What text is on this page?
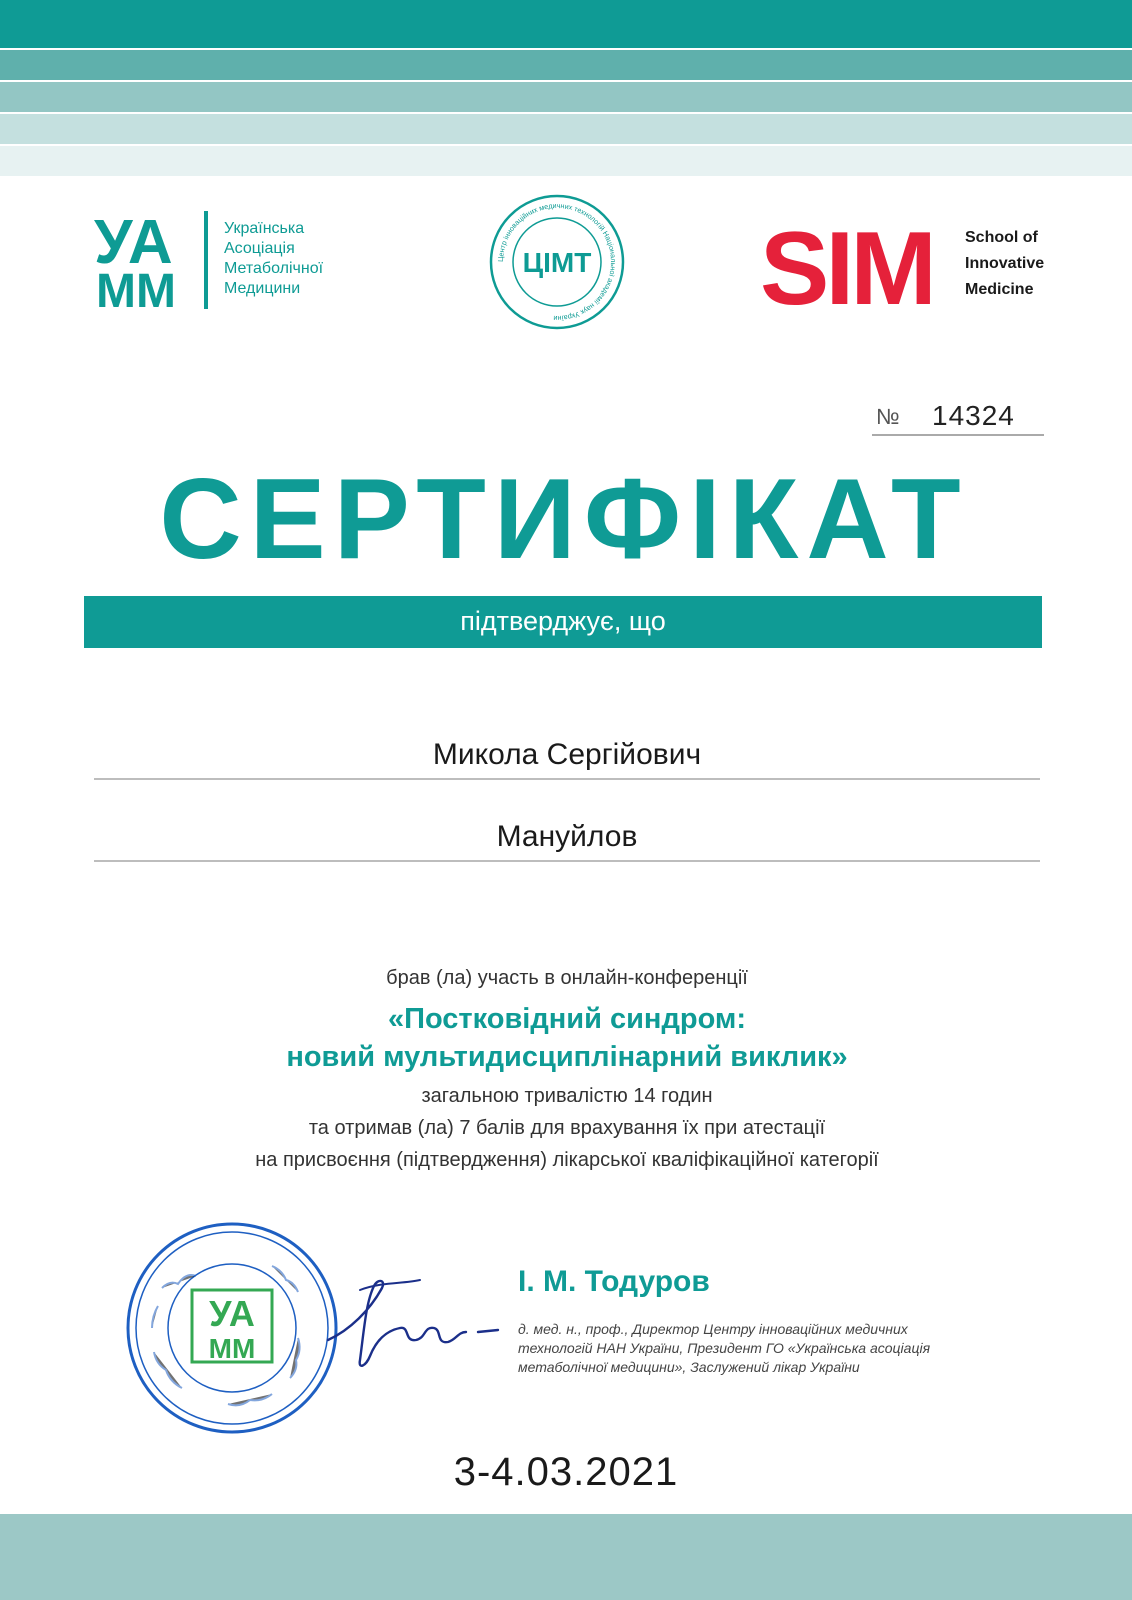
УА
ММ
Українська
Асоціація
Метаболічної
Медицини
Центр інноваційних медичних технологій Національної академії наук України
ЦІМТ SIM School of
Innovative
Medicine
№ 14324
СЕРТИФІКАТ
підтверджує, що
Микола Сергійович
Мануйлов
брав (ла) участь в онлайн-конференції
«Постковідний синдром:
новий мультидисциплінарний виклик»
загальною тривалістю 14 годин
та отримав (ла) 7 балів для врахування їх при атестації
на присвоєння (підтвердження) лікарської кваліфікаційної категорії
УА
ММ
І. М. Тодуров
д. мед. н., проф., Директор Центру інноваційних медичних
технологій НАН України, Президент ГО «Українська асоціація
метаболічної медицини», Заслужений лікар України
3-4.03.2021
